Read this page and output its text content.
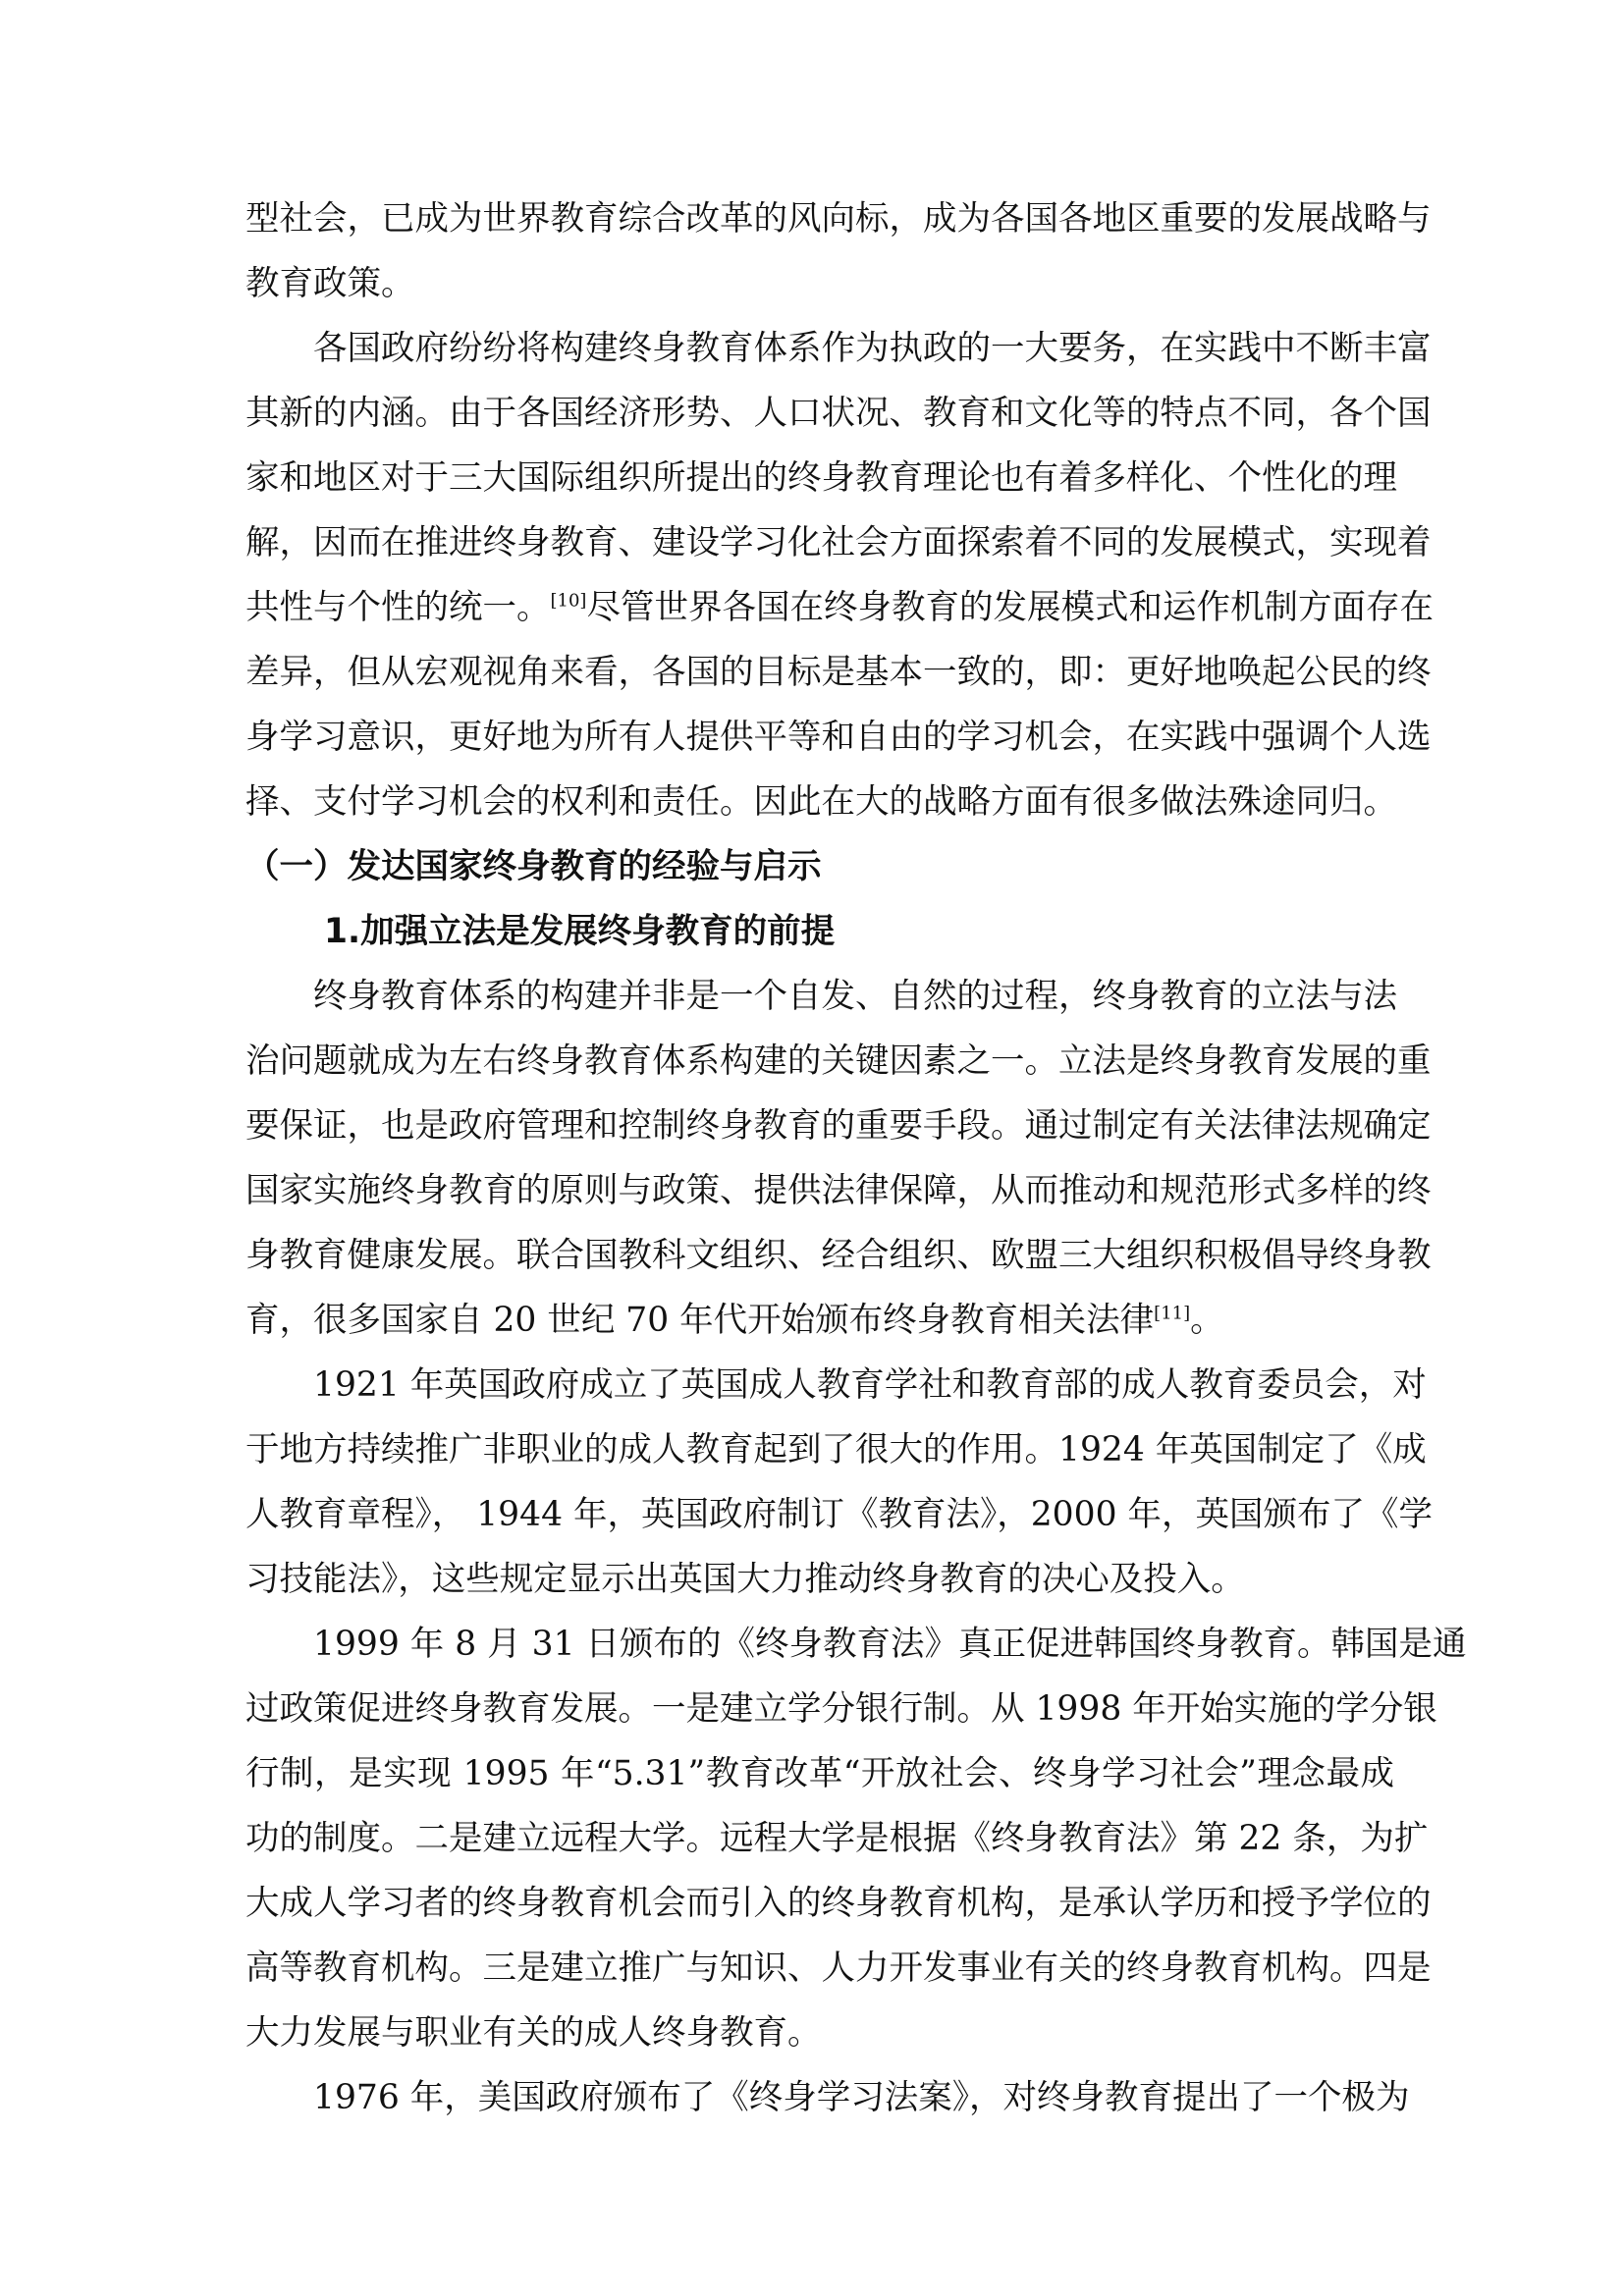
型社会，已成为世界教育综合改革的风向标，成为各国各地区重要的发展战略与
教育政策。
各国政府纷纷将构建终身教育体系作为执政的一大要务，在实践中不断丰富
其新的内涵。由于各国经济形势、人口状况、教育和文化等的特点不同，各个国
家和地区对于三大国际组织所提出的终身教育理论也有着多样化、个性化的理
解，因而在推进终身教育、建设学习化社会方面探索着不同的发展模式，实现着
共性与个性的统一。[10]尽管世界各国在终身教育的发展模式和运作机制方面存在
差异，但从宏观视角来看，各国的目标是基本一致的，即：更好地唤起公民的终
身学习意识，更好地为所有人提供平等和自由的学习机会，在实践中强调个人选
择、支付学习机会的权利和责任。因此在大的战略方面有很多做法殊途同归。
（一）发达国家终身教育的经验与启示
1.加强立法是发展终身教育的前提
终身教育体系的构建并非是一个自发、自然的过程，终身教育的立法与法
治问题就成为左右终身教育体系构建的关键因素之一。立法是终身教育发展的重
要保证，也是政府管理和控制终身教育的重要手段。通过制定有关法律法规确定
国家实施终身教育的原则与政策、提供法律保障，从而推动和规范形式多样的终
身教育健康发展。联合国教科文组织、经合组织、欧盟三大组织积极倡导终身教
育，很多国家自 20 世纪 70 年代开始颁布终身教育相关法律[11]。
1921 年英国政府成立了英国成人教育学社和教育部的成人教育委员会，对
于地方持续推广非职业的成人教育起到了很大的作用。1924 年英国制定了《成
人教育章程》， 1944 年，英国政府制订《教育法》，2000 年，英国颁布了《学
习技能法》，这些规定显示出英国大力推动终身教育的决心及投入。
1999 年 8 月 31 日颁布的《终身教育法》真正促进韩国终身教育。韩国是通
过政策促进终身教育发展。一是建立学分银行制。从 1998 年开始实施的学分银
行制，是实现 1995 年“5.31”教育改革“开放社会、终身学习社会”理念最成
功的制度。二是建立远程大学。远程大学是根据《终身教育法》第 22 条，为扩
大成人学习者的终身教育机会而引入的终身教育机构，是承认学历和授予学位的
高等教育机构。三是建立推广与知识、人力开发事业有关的终身教育机构。四是
大力发展与职业有关的成人终身教育。
1976 年，美国政府颁布了《终身学习法案》，对终身教育提出了一个极为
